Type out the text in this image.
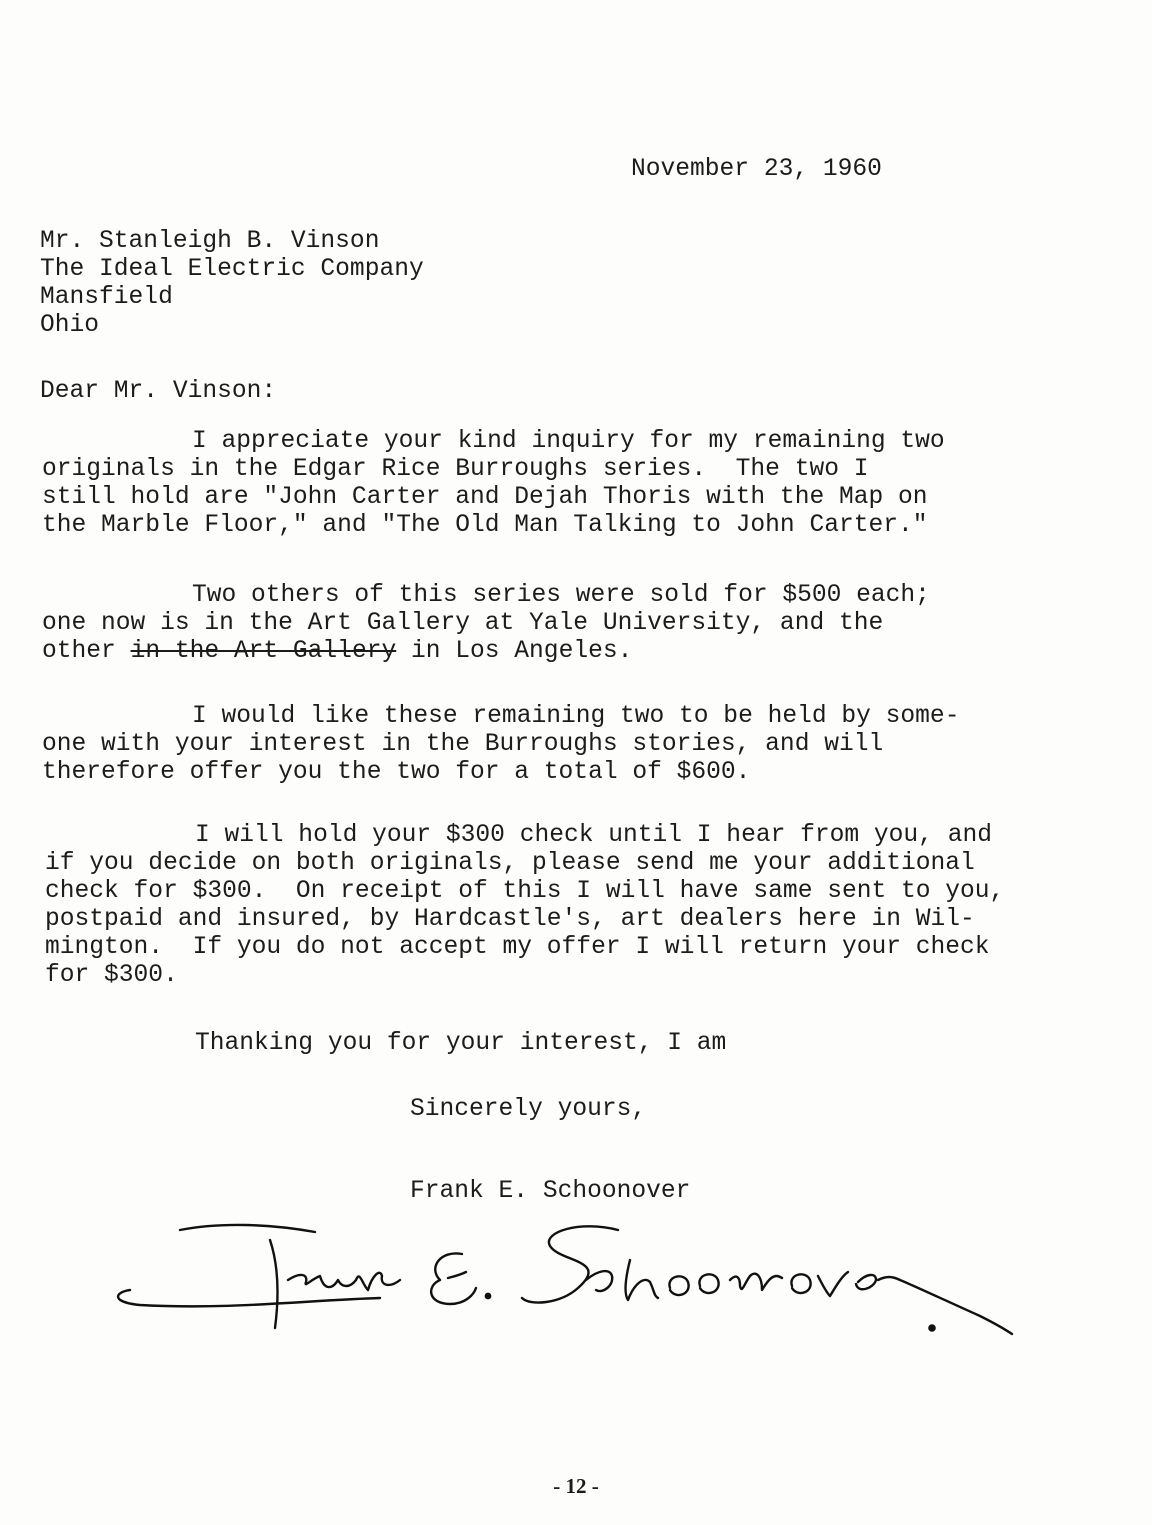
November 23, 1960
Mr. Stanleigh B. Vinson
The Ideal Electric Company
Mansfield
Ohio
Dear Mr. Vinson:
I appreciate your kind inquiry for my remaining two
originals in the Edgar Rice Burroughs series.  The two I
still hold are "John Carter and Dejah Thoris with the Map on
the Marble Floor," and "The Old Man Talking to John Carter."
Two others of this series were sold for $500 each;
one now is in the Art Gallery at Yale University, and the
other in the Art Gallery in Los Angeles.
I would like these remaining two to be held by some-
one with your interest in the Burroughs stories, and will
therefore offer you the two for a total of $600.
I will hold your $300 check until I hear from you, and
if you decide on both originals, please send me your additional
check for $300.  On receipt of this I will have same sent to you,
postpaid and insured, by Hardcastle's, art dealers here in Wil-
mington.  If you do not accept my offer I will return your check
for $300.
Thanking you for your interest, I am
Sincerely yours,
Frank E. Schoonover
- 12 -
